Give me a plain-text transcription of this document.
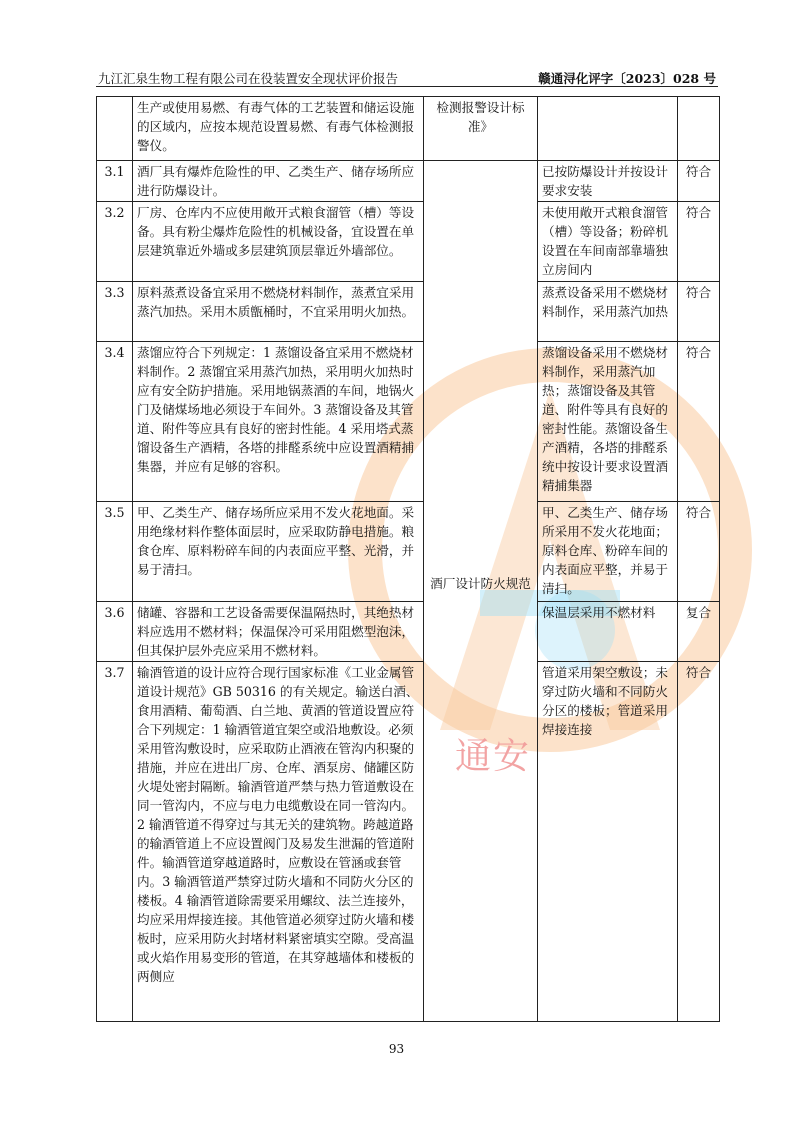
九江汇泉生物工程有限公司在役装置安全现状评价报告	赣通浔化评字〔2023〕028 号
通安
	生产或使用易燃、有毒气体的工艺装置和储运设施的区域内，应按本规范设置易燃、有毒气体检测报警仪。	检测报警设计标准》		
3.1	酒厂具有爆炸危险性的甲、乙类生产、储存场所应进行防爆设计。	酒厂设计防火规范	已按防爆设计并按设计要求安装	符合
3.2	厂房、仓库内不应使用敞开式粮食溜管（槽）等设备。具有粉尘爆炸危险性的机械设备，宜设置在单层建筑靠近外墙或多层建筑顶层靠近外墙部位。		未使用敞开式粮食溜管（槽）等设备；粉碎机设置在车间南部靠墙独立房间内	符合
3.3	原料蒸煮设备宜采用不燃烧材料制作，蒸煮宜采用蒸汽加热。采用木质甑桶时，不宜采用明火加热。		蒸煮设备采用不燃烧材料制作，采用蒸汽加热	符合
3.4	蒸馏应符合下列规定：1 蒸馏设备宜采用不燃烧材料制作。2 蒸馏宜采用蒸汽加热，采用明火加热时应有安全防护措施。采用地锅蒸酒的车间，地锅火门及储煤场地必须设于车间外。3 蒸馏设备及其管道、附件等应具有良好的密封性能。4 采用塔式蒸馏设备生产酒精，各塔的排醛系统中应设置酒精捕集器，并应有足够的容积。		蒸馏设备采用不燃烧材料制作，采用蒸汽加热；蒸馏设备及其管道、附件等具有良好的密封性能。蒸馏设备生产酒精，各塔的排醛系统中按设计要求设置酒精捕集器	符合
3.5	甲、乙类生产、储存场所应采用不发火花地面。采用绝缘材料作整体面层时，应采取防静电措施。粮食仓库、原料粉碎车间的内表面应平整、光滑，并易于清扫。		甲、乙类生产、储存场所采用不发火花地面；原料仓库、粉碎车间的内表面应平整，并易于清扫。	符合
3.6	储罐、容器和工艺设备需要保温隔热时，其绝热材料应选用不燃材料；保温保冷可采用阻燃型泡沫，但其保护层外壳应采用不燃材料。		保温层采用不燃材料	复合
3.7	输酒管道的设计应符合现行国家标准《工业金属管道设计规范》GB 50316 的有关规定。输送白酒、食用酒精、葡萄酒、白兰地、黄酒的管道设置应符合下列规定：1 输酒管道宜架空或沿地敷设。必须采用管沟敷设时，应采取防止酒液在管沟内积聚的措施，并应在进出厂房、仓库、酒泵房、储罐区防火堤处密封隔断。输酒管道严禁与热力管道敷设在同一管沟内，不应与电力电缆敷设在同一管沟内。2 输酒管道不得穿过与其无关的建筑物。跨越道路的输酒管道上不应设置阀门及易发生泄漏的管道附件。输酒管道穿越道路时，应敷设在管涵或套管内。3 输酒管道严禁穿过防火墙和不同防火分区的楼板。4 输酒管道除需要采用螺纹、法兰连接外，均应采用焊接连接。其他管道必须穿过防火墙和楼板时，应采用防火封堵材料紧密填实空隙。受高温或火焰作用易变形的管道，在其穿越墙体和楼板的两侧应		管道采用架空敷设；未穿过防火墙和不同防火分区的楼板；管道采用焊接连接	符合
93
